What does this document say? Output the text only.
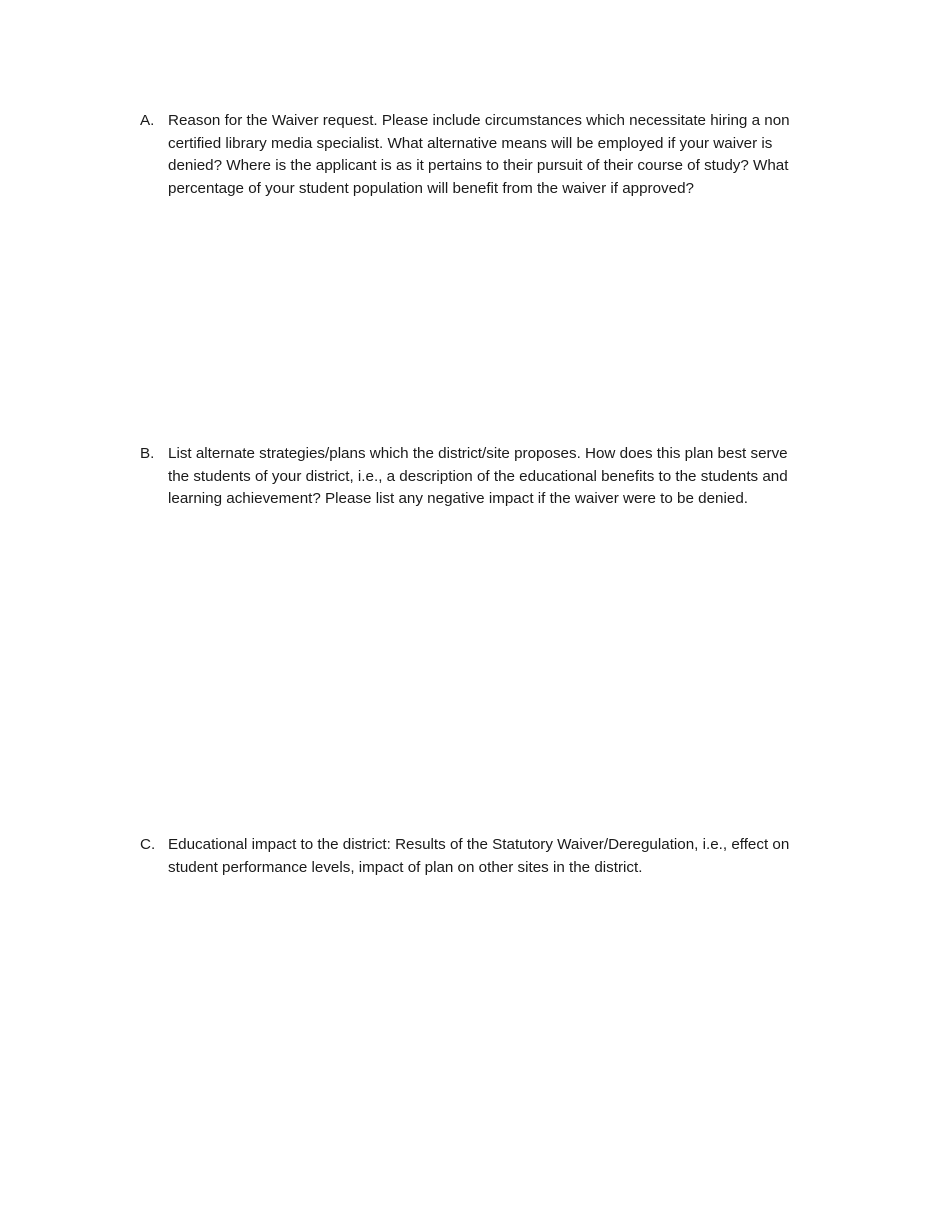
A. Reason for the Waiver request. Please include circumstances which necessitate hiring a non
certified library media specialist. What alternative means will be employed if your waiver is
denied? Where is the applicant is as it pertains to their pursuit of their course of study? What
percentage of your student population will benefit from the waiver if approved?
B. List alternate strategies/plans which the district/site proposes. How does this plan best serve
the students of your district, i.e., a description of the educational benefits to the students and
learning achievement? Please list any negative impact if the waiver were to be denied.
C. Educational impact to the district: Results of the Statutory Waiver/Deregulation, i.e., effect on
student performance levels, impact of plan on other sites in the district.
